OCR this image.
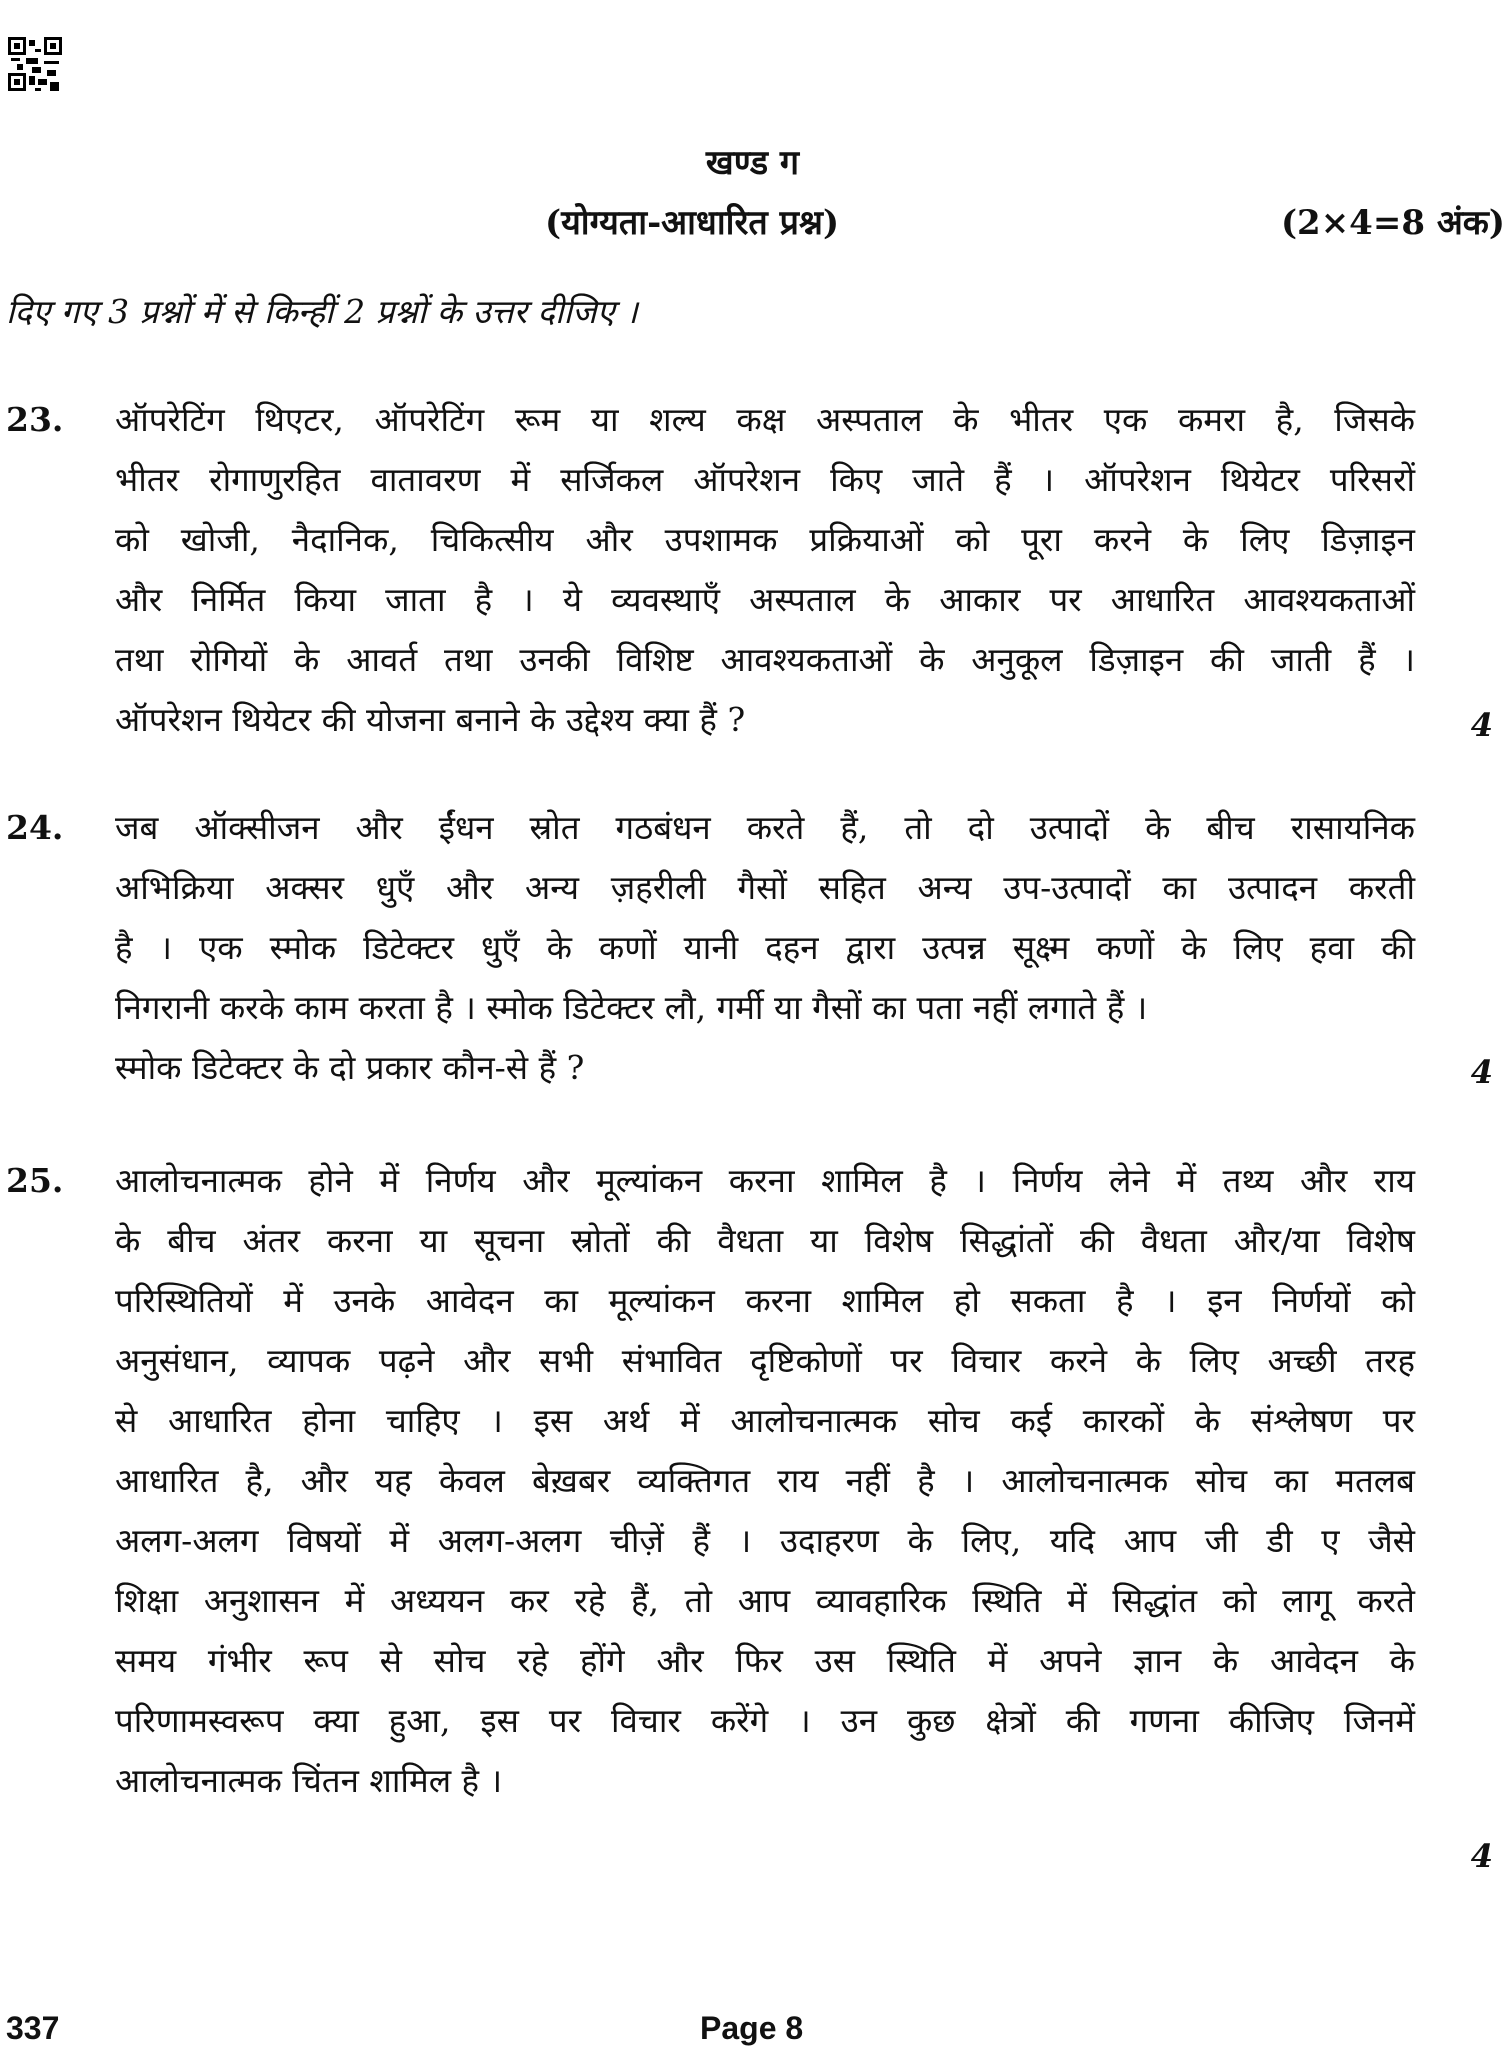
खण्ड ग
(योग्यता-आधारित प्रश्न)	(2×4=8 अंक)
दिए गए 3 प्रश्नों में से किन्हीं 2 प्रश्नों के उत्तर दीजिए ।
23. ऑपरेटिंग थिएटर, ऑपरेटिंग रूम या शल्य कक्ष अस्पताल के भीतर एक कमरा है, जिसके
भीतर रोगाणुरहित वातावरण में सर्जिकल ऑपरेशन किए जाते हैं । ऑपरेशन थियेटर परिसरों
को खोजी, नैदानिक, चिकित्सीय और उपशामक प्रक्रियाओं को पूरा करने के लिए डिज़ाइन
और निर्मित किया जाता है । ये व्यवस्थाएँ अस्पताल के आकार पर आधारित आवश्यकताओं
तथा रोगियों के आवर्त तथा उनकी विशिष्ट आवश्यकताओं के अनुकूल डिज़ाइन की जाती हैं ।
ऑपरेशन थियेटर की योजना बनाने के उद्देश्य क्या हैं ?	4
24. जब ऑक्सीजन और ईंधन स्रोत गठबंधन करते हैं, तो दो उत्पादों के बीच रासायनिक
अभिक्रिया अक्सर धुएँ और अन्य ज़हरीली गैसों सहित अन्य उप-उत्पादों का उत्पादन करती
है । एक स्मोक डिटेक्टर धुएँ के कणों यानी दहन द्वारा उत्पन्न सूक्ष्म कणों के लिए हवा की
निगरानी करके काम करता है । स्मोक डिटेक्टर लौ, गर्मी या गैसों का पता नहीं लगाते हैं ।
स्मोक डिटेक्टर के दो प्रकार कौन-से हैं ?	4
25. आलोचनात्मक होने में निर्णय और मूल्यांकन करना शामिल है । निर्णय लेने में तथ्य और राय
के बीच अंतर करना या सूचना स्रोतों की वैधता या विशेष सिद्धांतों की वैधता और/या विशेष
परिस्थितियों में उनके आवेदन का मूल्यांकन करना शामिल हो सकता है । इन निर्णयों को
अनुसंधान, व्यापक पढ़ने और सभी संभावित दृष्टिकोणों पर विचार करने के लिए अच्छी तरह
से आधारित होना चाहिए । इस अर्थ में आलोचनात्मक सोच कई कारकों के संश्लेषण पर
आधारित है, और यह केवल बेख़बर व्यक्तिगत राय नहीं है । आलोचनात्मक सोच का मतलब
अलग-अलग विषयों में अलग-अलग चीज़ें हैं । उदाहरण के लिए, यदि आप जी डी ए जैसे
शिक्षा अनुशासन में अध्ययन कर रहे हैं, तो आप व्यावहारिक स्थिति में सिद्धांत को लागू करते
समय गंभीर रूप से सोच रहे होंगे और फिर उस स्थिति में अपने ज्ञान के आवेदन के
परिणामस्वरूप क्या हुआ, इस पर विचार करेंगे । उन कुछ क्षेत्रों की गणना कीजिए जिनमें
आलोचनात्मक चिंतन शामिल है ।
4
337	Page 8
